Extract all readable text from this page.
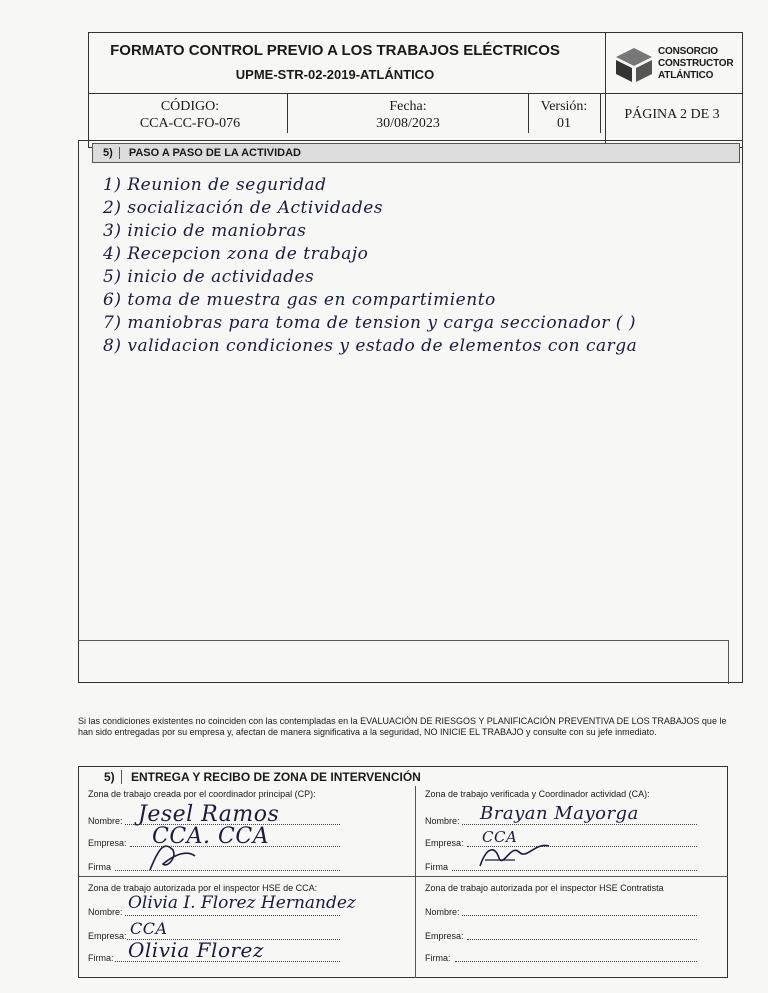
FORMATO CONTROL PREVIO A LOS TRABAJOS ELÉCTRICOS
UPME-STR-02-2019-ATLÁNTICO
CONSORCIO
CONSTRUCTOR
ATLÁNTICO
CÓDIGO:
CCA-CC-FO-076
Fecha:
30/08/2023
Versión:
01
PÁGINA 2 DE 3
5) PASO A PASO DE LA ACTIVIDAD
1) Reunion de seguridad
2) socialización de Actividades
3) inicio de maniobras
4) Recepcion zona de trabajo
5) inicio de actividades
6) toma de muestra gas en compartimiento
7) maniobras para toma de tension y carga seccionador ( )
8) validacion condiciones y estado de elementos con carga
Si las condiciones existentes no coinciden con las contempladas en la EVALUACIÓN DE RIESGOS Y PLANIFICACIÓN PREVENTIVA DE LOS TRABAJOS que le han sido entregadas por su empresa y, afectan de manera significativa a la seguridad, NO INICIE EL TRABAJO y consulte con su jefe inmediato.
5) ENTREGA Y RECIBO DE ZONA DE INTERVENCIÓN
Zona de trabajo creada por el coordinador principal (CP):
Nombre: Jesel Ramos
Empresa: CCA. CCA
Firma
Zona de trabajo verificada y Coordinador actividad (CA):
Nombre: Brayan Mayorga
Empresa: CCA
Firma
Zona de trabajo autorizada por el inspector HSE de CCA:
Nombre: Olivia I. Florez Hernandez
Empresa: CCA
Firma: Olivia Florez
Zona de trabajo autorizada por el inspector HSE Contratista
Nombre:
Empresa:
Firma:
